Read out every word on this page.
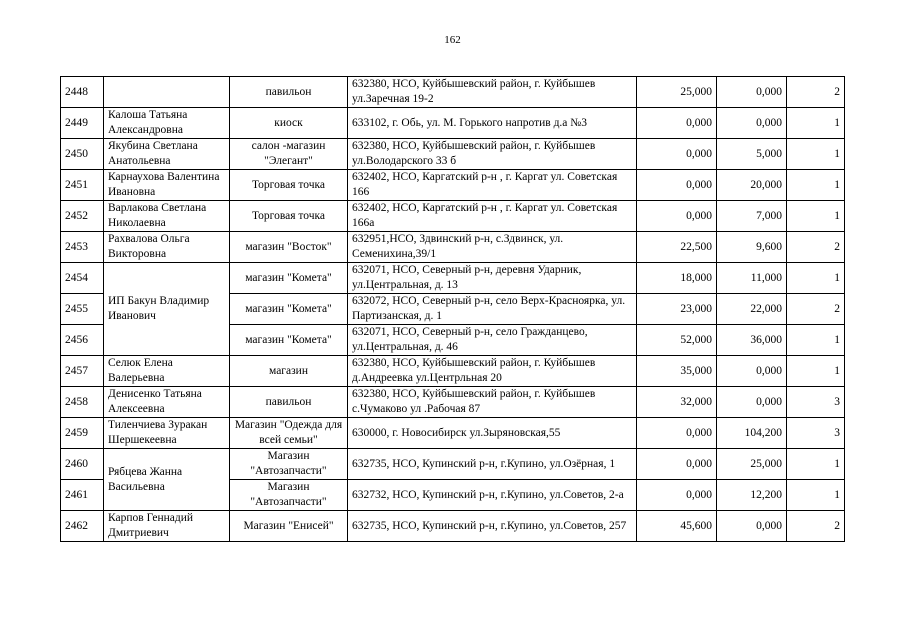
162
2448		павильон	632380, НСО, Куйбышевский район, г. Куйбышев ул.Заречная 19-2	25,000	0,000	2
2449	Калоша Татьяна Александровна	киоск	633102, г. Обь, ул. М. Горького напротив д.а №3	0,000	0,000	1
2450	Якубина Светлана Анатольевна	салон -магазин "Элегант"	632380, НСО, Куйбышевский район, г. Куйбышев ул.Володарского 33 б	0,000	5,000	1
2451	Карнаухова Валентина Ивановна	Торговая точка	632402, НСО, Каргатский р-н , г. Каргат ул. Советская 166	0,000	20,000	1
2452	Варлакова Светлана Николаевна	Торговая точка	632402, НСО, Каргатский р-н , г. Каргат ул. Советская 166а	0,000	7,000	1
2453	Рахвалова Ольга Викторовна	магазин "Восток"	632951,НСО, Здвинский р-н, с.Здвинск, ул. Семенихина,39/1	22,500	9,600	2
2454		магазин "Комета"	632071, НСО, Северный р-н, деревня Ударник, ул.Центральная, д. 13	18,000	11,000	1
2455	ИП Бакун Владимир Иванович	магазин "Комета"	632072, НСО, Северный р-н, село Верх-Красноярка, ул. Партизанская, д. 1	23,000	22,000	2
2456		магазин "Комета"	632071, НСО, Северный р-н, село Гражданцево, ул.Центральная, д. 46	52,000	36,000	1
2457	Селюк Елена Валерьевна	магазин	632380, НСО, Куйбышевский район, г. Куйбышев д.Андреевка ул.Центрльная 20	35,000	0,000	1
2458	Денисенко Татьяна Алексеевна	павильон	632380, НСО, Куйбышевский район, г. Куйбышев с.Чумаково ул .Рабочая 87	32,000	0,000	3
2459	Тиленчиева Зуракан Шершекеевна	Магазин "Одежда для всей семьи"	630000, г. Новосибирск ул.Зыряновская,55	0,000	104,200	3
2460	Рябцева Жанна Васильевна	Магазин "Автозапчасти"	632735, НСО, Купинский р-н, г.Купино, ул.Озёрная, 1	0,000	25,000	1
2461		Магазин "Автозапчасти"	632732, НСО, Купинский р-н, г.Купино, ул.Советов, 2-а	0,000	12,200	1
2462	Карпов Геннадий Дмитриевич	Магазин "Енисей"	632735, НСО, Купинский р-н, г.Купино, ул.Советов, 257	45,600	0,000	2
